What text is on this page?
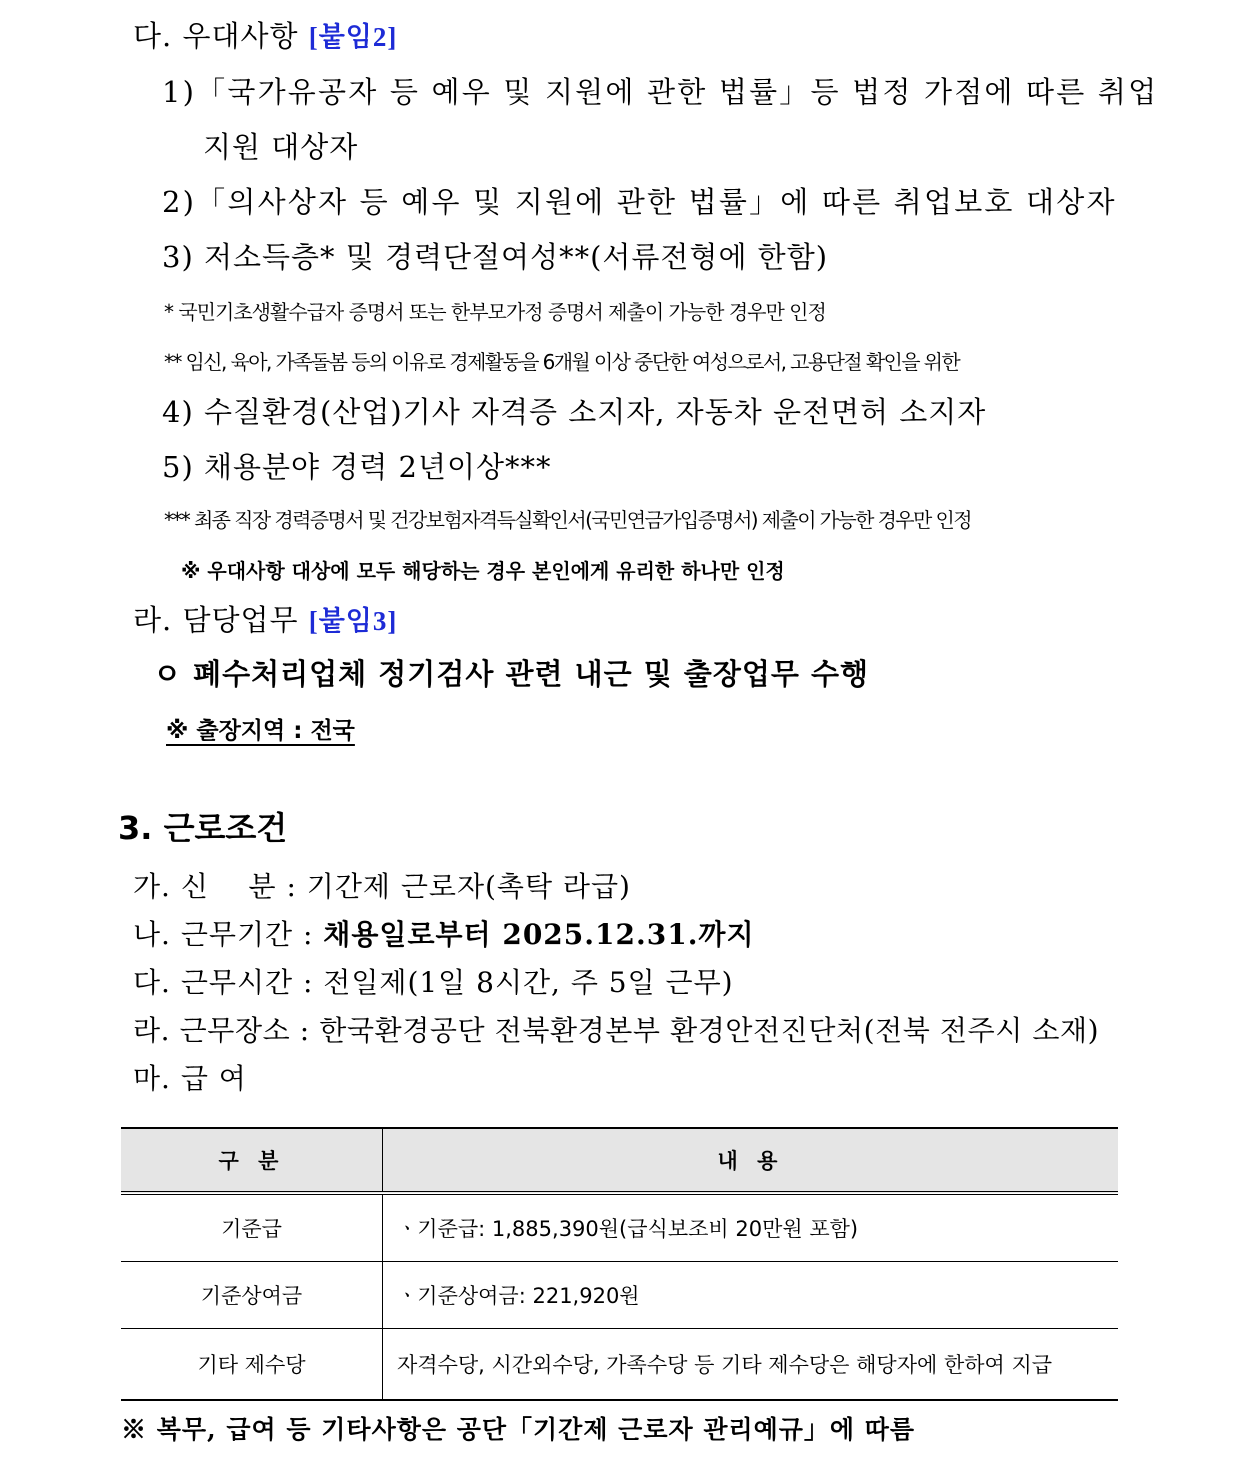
다. 우대사항 [붙임2]
1)「국가유공자 등 예우 및 지원에 관한 법률」등 법정 가점에 따른 취업
지원 대상자
2)「의사상자 등 예우 및 지원에 관한 법률」에 따른 취업보호 대상자
3) 저소득층* 및 경력단절여성**(서류전형에 한함)
* 국민기초생활수급자 증명서 또는 한부모가정 증명서 제출이 가능한 경우만 인정
** 임신, 육아, 가족돌봄 등의 이유로 경제활동을 6개월 이상 중단한 여성으로서, 고용단절 확인을 위한
4) 수질환경(산업)기사 자격증 소지자, 자동차 운전면허 소지자
5) 채용분야 경력 2년이상***
*** 최종 직장 경력증명서 및 건강보험자격득실확인서(국민연금가입증명서) 제출이 가능한 경우만 인정
※ 우대사항 대상에 모두 해당하는 경우 본인에게 유리한 하나만 인정
라. 담당업무 [붙임3]
ㅇ 폐수처리업체 정기검사 관련 내근 및 출장업무 수행
※ 출장지역 : 전국
3. 근로조건
가. 신    분 : 기간제 근로자(촉탁 라급)
나. 근무기간 : 채용일로부터 2025.12.31.까지
다. 근무시간 : 전일제(1일 8시간, 주 5일 근무)
라. 근무장소 : 한국환경공단 전북환경본부 환경안전진단처(전북 전주시 소재)
마. 급 여
구 분	내 용
기준급	ㆍ기준급: 1,885,390원(급식보조비 20만원 포함)
기준상여금	ㆍ기준상여금: 221,920원
기타 제수당	자격수당, 시간외수당, 가족수당 등 기타 제수당은 해당자에 한하여 지급
※ 복무, 급여 등 기타사항은 공단「기간제 근로자 관리예규」에 따름
